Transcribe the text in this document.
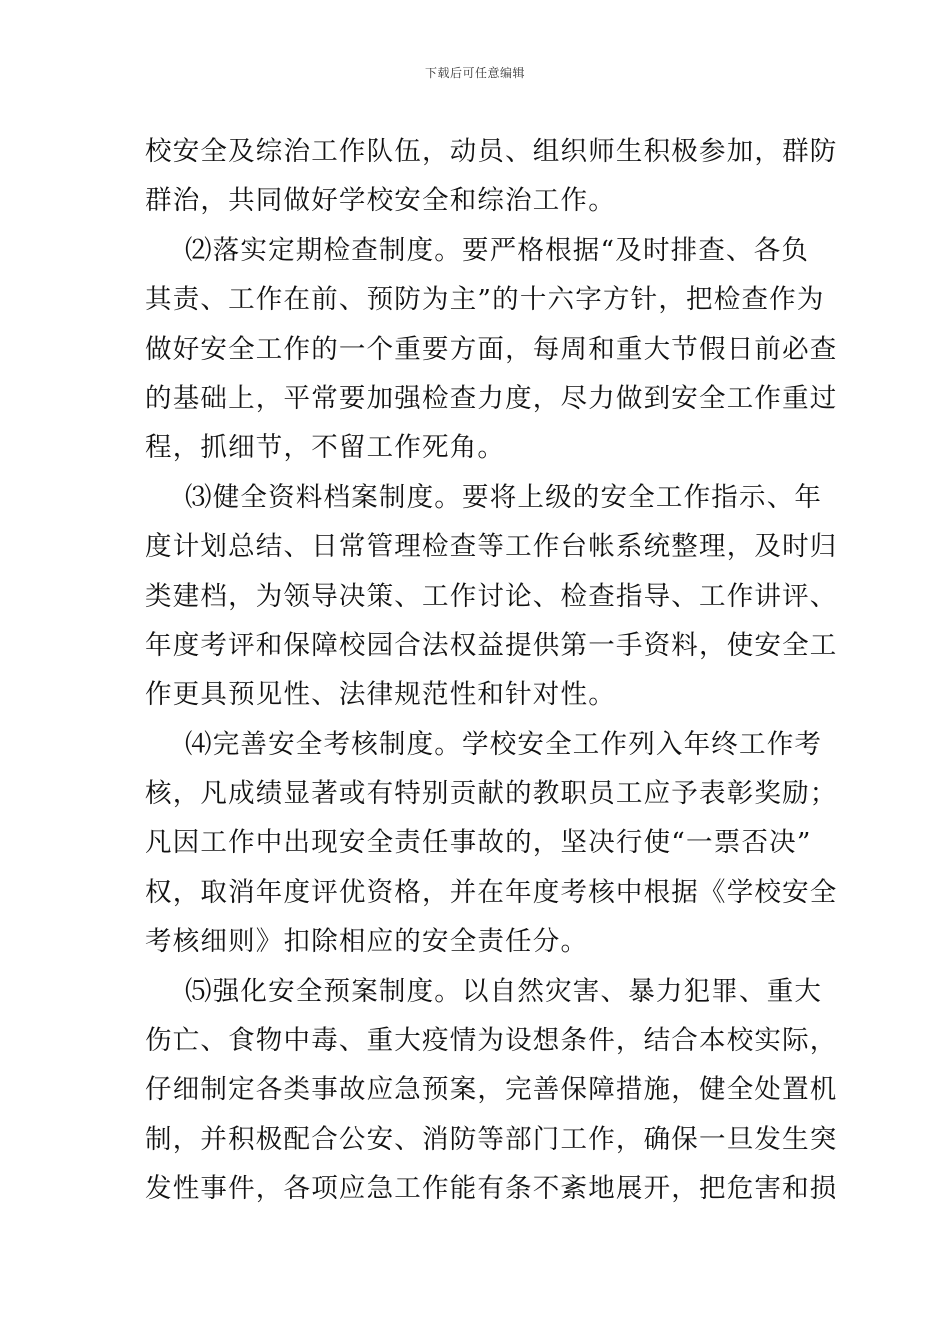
下载后可任意编辑
校安全及综治工作队伍，动员、组织师生积极参加，群防
群治，共同做好学校安全和综治工作。
⑵落实定期检查制度。要严格根据“及时排查、各负
其责、工作在前、预防为主”的十六字方针，把检查作为
做好安全工作的一个重要方面，每周和重大节假日前必查
的基础上，平常要加强检查力度，尽力做到安全工作重过
程，抓细节，不留工作死角。
⑶健全资料档案制度。要将上级的安全工作指示、年
度计划总结、日常管理检查等工作台帐系统整理，及时归
类建档，为领导决策、工作讨论、检查指导、工作讲评、
年度考评和保障校园合法权益提供第一手资料，使安全工
作更具预见性、法律规范性和针对性。
⑷完善安全考核制度。学校安全工作列入年终工作考
核，凡成绩显著或有特别贡献的教职员工应予表彰奖励；
凡因工作中出现安全责任事故的，坚决行使“一票否决”
权，取消年度评优资格，并在年度考核中根据《学校安全
考核细则》扣除相应的安全责任分。
⑸强化安全预案制度。以自然灾害、暴力犯罪、重大
伤亡、食物中毒、重大疫情为设想条件，结合本校实际，
仔细制定各类事故应急预案，完善保障措施，健全处置机
制，并积极配合公安、消防等部门工作，确保一旦发生突
发性事件，各项应急工作能有条不紊地展开，把危害和损
